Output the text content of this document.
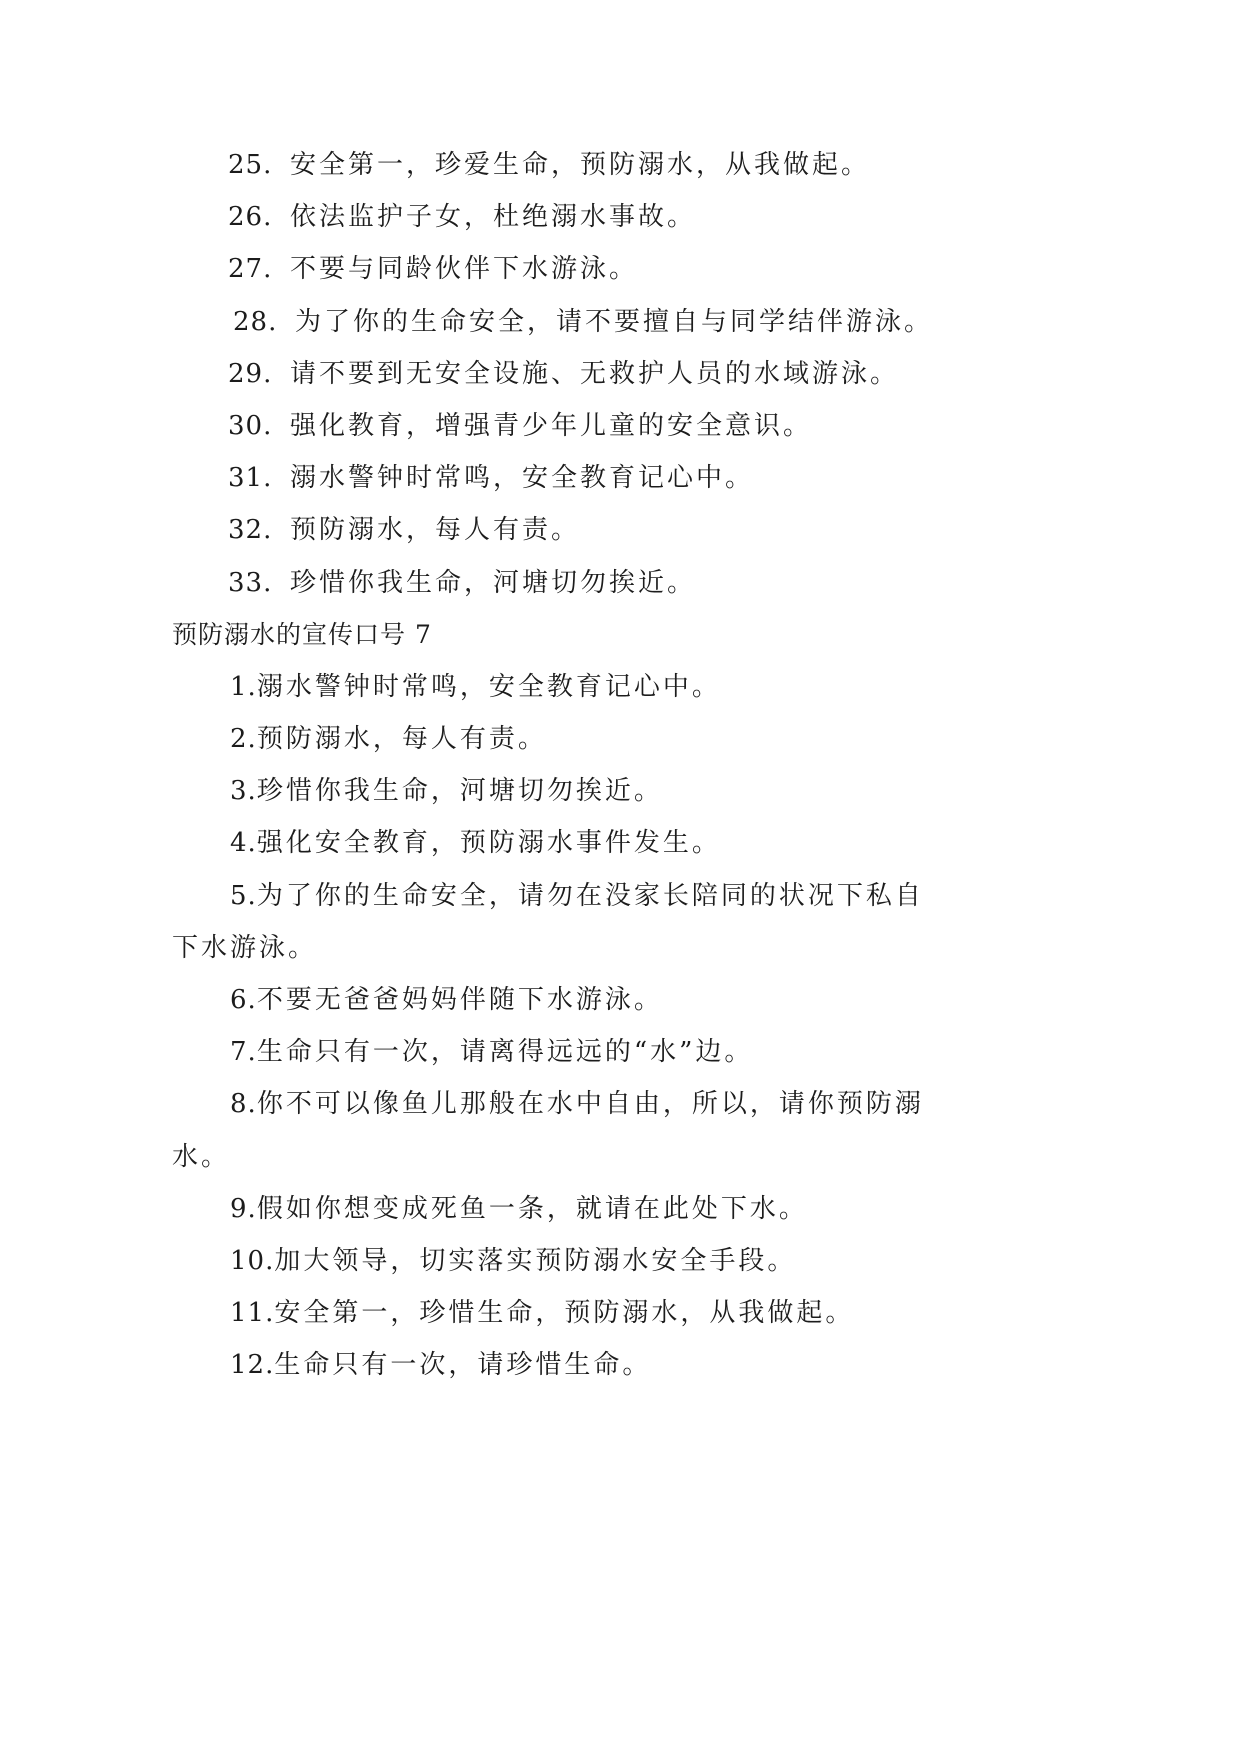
25. 安全第一，珍爱生命，预防溺水，从我做起。
26. 依法监护子女，杜绝溺水事故。
27. 不要与同龄伙伴下水游泳。
28. 为了你的生命安全，请不要擅自与同学结伴游泳。
29. 请不要到无安全设施、无救护人员的水域游泳。
30. 强化教育，增强青少年儿童的安全意识。
31. 溺水警钟时常鸣，安全教育记心中。
32. 预防溺水，每人有责。
33. 珍惜你我生命，河塘切勿挨近。
预防溺水的宣传口号 7
1.溺水警钟时常鸣，安全教育记心中。
2.预防溺水，每人有责。
3.珍惜你我生命，河塘切勿挨近。
4.强化安全教育，预防溺水事件发生。
5.为了你的生命安全，请勿在没家长陪同的状况下私自
下水游泳。
6.不要无爸爸妈妈伴随下水游泳。
7.生命只有一次，请离得远远的“水”边。
8.你不可以像鱼儿那般在水中自由，所以，请你预防溺
水。
9.假如你想变成死鱼一条，就请在此处下水。
10.加大领导，切实落实预防溺水安全手段。
11.安全第一，珍惜生命，预防溺水，从我做起。
12.生命只有一次，请珍惜生命。
